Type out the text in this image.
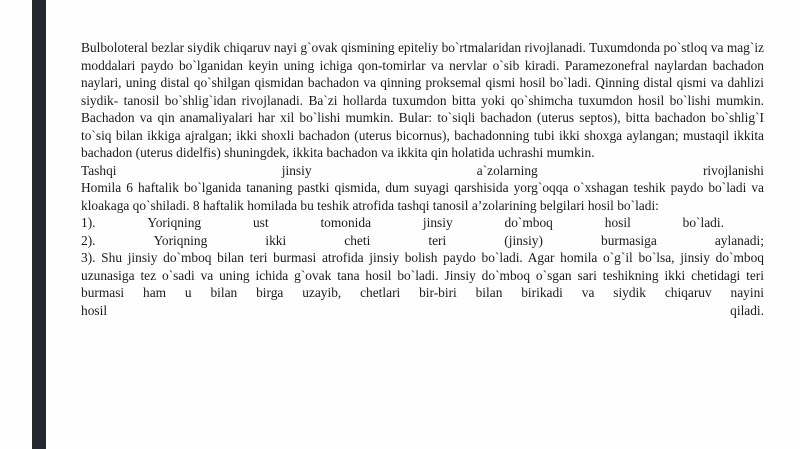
Bulboloteral bezlar siydik chiqaruv nayi g`ovak qismining epiteliy bo`rtmalaridan rivojlanadi. Tuxumdonda po`stloq va mag`iz moddalari paydo bo`lganidan keyin uning ichiga qon-tomirlar va nervlar o`sib kiradi. Paramezonefral naylardan bachadon naylari, uning distal qo`shilgan qismidan bachadon va qinning proksemal qismi hosil bo`ladi. Qinning distal qismi va dahlizi siydik- tanosil bo`shlig`idan rivojlanadi. Ba`zi hollarda tuxumdon bitta yoki qo`shimcha tuxumdon hosil bo`lishi mumkin. Bachadon va qin anamaliyalari har xil bo`lishi mumkin. Bular: to`siqli bachadon (uterus septos), bitta bachadon bo`shlig`I to`siq bilan ikkiga ajralgan; ikki shoxli bachadon (uterus bicornus), bachadonning tubi ikki shoxga aylangan; mustaqil ikkita bachadon (uterus didelfis) shuningdek, ikkita bachadon va ikkita qin holatida uchrashi mumkin.

Tashqi	jinsiy	a`zolarning	rivojlanishi

Homila 6 haftalik bo`lganida tananing pastki qismida, dum suyagi qarshisida yorg`oqqa o`xshagan teshik paydo bo`ladi va kloakaga qo`shiladi. 8 haftalik homilada bu teshik atrofida tashqi tanosil a’zolarining belgilari hosil bo`ladi:

1).	Yoriqning	ust	tomonida	jinsiy	do`mboq	hosil	bo`ladi.
2).	Yoriqning	ikki	cheti	teri	(jinsiy)	burmasiga	aylanadi;

3). Shu jinsiy do`mboq bilan teri burmasi atrofida jinsiy bolish paydo bo`ladi. Agar homila o`g`il bo`lsa, jinsiy do`mboq uzunasiga tez o`sadi va uning ichida g`ovak tana hosil bo`ladi. Jinsiy do`mboq o`sgan sari teshikning ikki chetidagi teri burmasi ham u bilan birga uzayib, chetlari bir-biri bilan birikadi va siydik chiqaruv nayini

hosil	qiladi.
